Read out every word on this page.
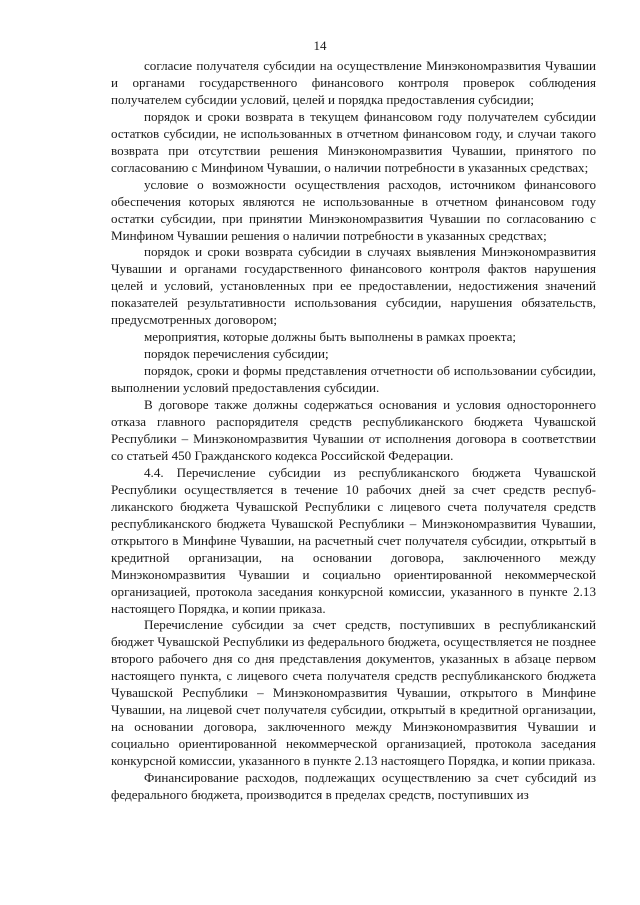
14

согласие получателя субсидии на осуществление Минэкономразвития Чувашии и органами государственного финансового контроля проверок соблюдения получателем субсидии условий, целей и порядка предоставления субсидии;

порядок и сроки возврата в текущем финансовом году получателем субсидии остатков субсидии, не использованных в отчетном финансовом году, и случаи такого возврата при отсутствии решения Минэкономразвития Чувашии, принятого по согласованию с Минфином Чувашии, о наличии потребности в указанных средствах;

условие о возможности осуществления расходов, источником финансового обеспечения которых являются не использованные в отчетном финансовом году остатки субсидии, при принятии Минэкономразвития Чувашии по согласованию с Минфином Чувашии решения о наличии потребности в указанных средствах;

порядок и сроки возврата субсидии в случаях выявления Минэкономразвития Чувашии и органами государственного финансового контроля фактов нарушения целей и условий, установленных при ее предоставлении, недостижения значений показателей результативности использования субсидии, нарушения обязательств, предусмотренных договором;

мероприятия, которые должны быть выполнены в рамках проекта;

порядок перечисления субсидии;

порядок, сроки и формы представления отчетности об использовании субсидии, выполнении условий предоставления субсидии.

В договоре также должны содержаться основания и условия одностороннего отказа главного распорядителя средств республиканского бюджета Чувашской Республики – Минэкономразвития Чувашии от исполнения договора в соответствии со статьей 450 Гражданского кодекса Российской Федерации.

4.4. Перечисление субсидии из республиканского бюджета Чувашской Республики осуществляется в течение 10 рабочих дней за счет средств республиканского бюджета Чувашской Республики с лицевого счета получателя средств республиканского бюджета Чувашской Республики – Минэкономразвития Чувашии, открытого в Минфине Чувашии, на расчетный счет получателя субсидии, открытый в кредитной организации, на основании договора, заключенного между Минэкономразвития Чувашии и социально ориентированной некоммерческой организацией, протокола заседания конкурсной комиссии, указанного в пункте 2.13 настоящего Порядка, и копии приказа.

Перечисление субсидии за счет средств, поступивших в республиканский бюджет Чувашской Республики из федерального бюджета, осуществляется не позднее второго рабочего дня со дня представления документов, указанных в абзаце первом настоящего пункта, с лицевого счета получателя средств республиканского бюджета Чувашской Республики – Минэкономразвития Чувашии, открытого в Минфине Чувашии, на лицевой счет получателя субсидии, открытый в кредитной организации, на основании договора, заключенного между Минэкономразвития Чувашии и социально ориентированной некоммерческой организацией, протокола заседания конкурсной комиссии, указанного в пункте 2.13 настоящего Порядка, и копии приказа.

Финансирование расходов, подлежащих осуществлению за счет субсидий из федерального бюджета, производится в пределах средств, поступивших из
